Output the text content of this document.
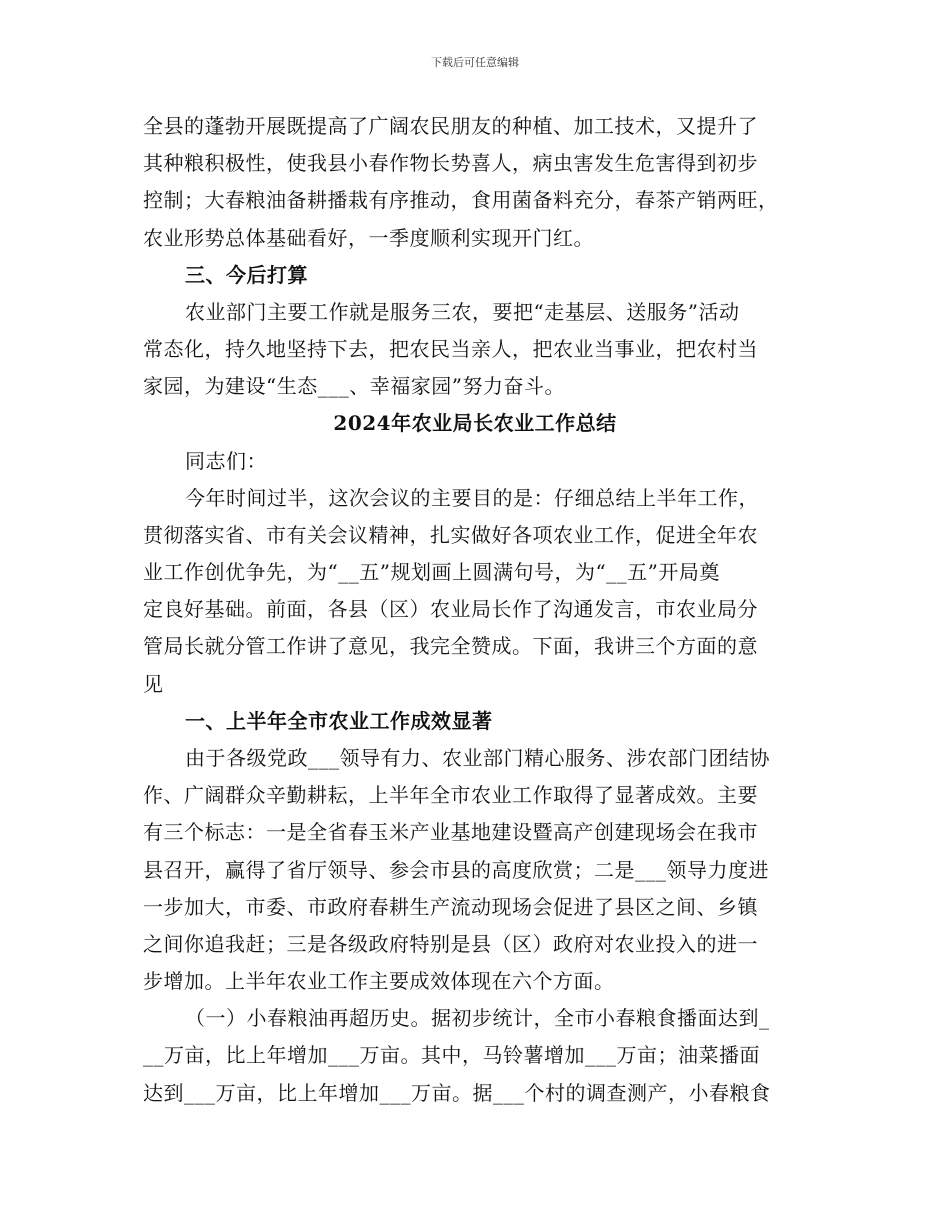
下载后可任意编辑
全县的蓬勃开展既提高了广阔农民朋友的种植、加工技术，又提升了
其种粮积极性，使我县小春作物长势喜人，病虫害发生危害得到初步
控制；大春粮油备耕播栽有序推动，食用菌备料充分，春茶产销两旺，
农业形势总体基础看好，一季度顺利实现开门红。
三、今后打算
农业部门主要工作就是服务三农，要把“走基层、送服务”活动
常态化，持久地坚持下去，把农民当亲人，把农业当事业，把农村当
家园，为建设“生态___、幸福家园”努力奋斗。
2024年农业局长农业工作总结
同志们：
今年时间过半，这次会议的主要目的是：仔细总结上半年工作，
贯彻落实省、市有关会议精神，扎实做好各项农业工作，促进全年农
业工作创优争先，为“__五”规划画上圆满句号，为“__五”开局奠
定良好基础。前面，各县（区）农业局长作了沟通发言，市农业局分
管局长就分管工作讲了意见，我完全赞成。下面，我讲三个方面的意
见
一、上半年全市农业工作成效显著
由于各级党政___领导有力、农业部门精心服务、涉农部门团结协
作、广阔群众辛勤耕耘，上半年全市农业工作取得了显著成效。主要
有三个标志：一是全省春玉米产业基地建设暨高产创建现场会在我市
县召开，赢得了省厅领导、参会市县的高度欣赏；二是___领导力度进
一步加大，市委、市政府春耕生产流动现场会促进了县区之间、乡镇
之间你追我赶；三是各级政府特别是县（区）政府对农业投入的进一
步增加。上半年农业工作主要成效体现在六个方面。
（一）小春粮油再超历史。据初步统计，全市小春粮食播面达到_
__万亩，比上年增加___万亩。其中，马铃薯增加___万亩；油菜播面
达到___万亩，比上年增加___万亩。据___个村的调查测产，小春粮食
